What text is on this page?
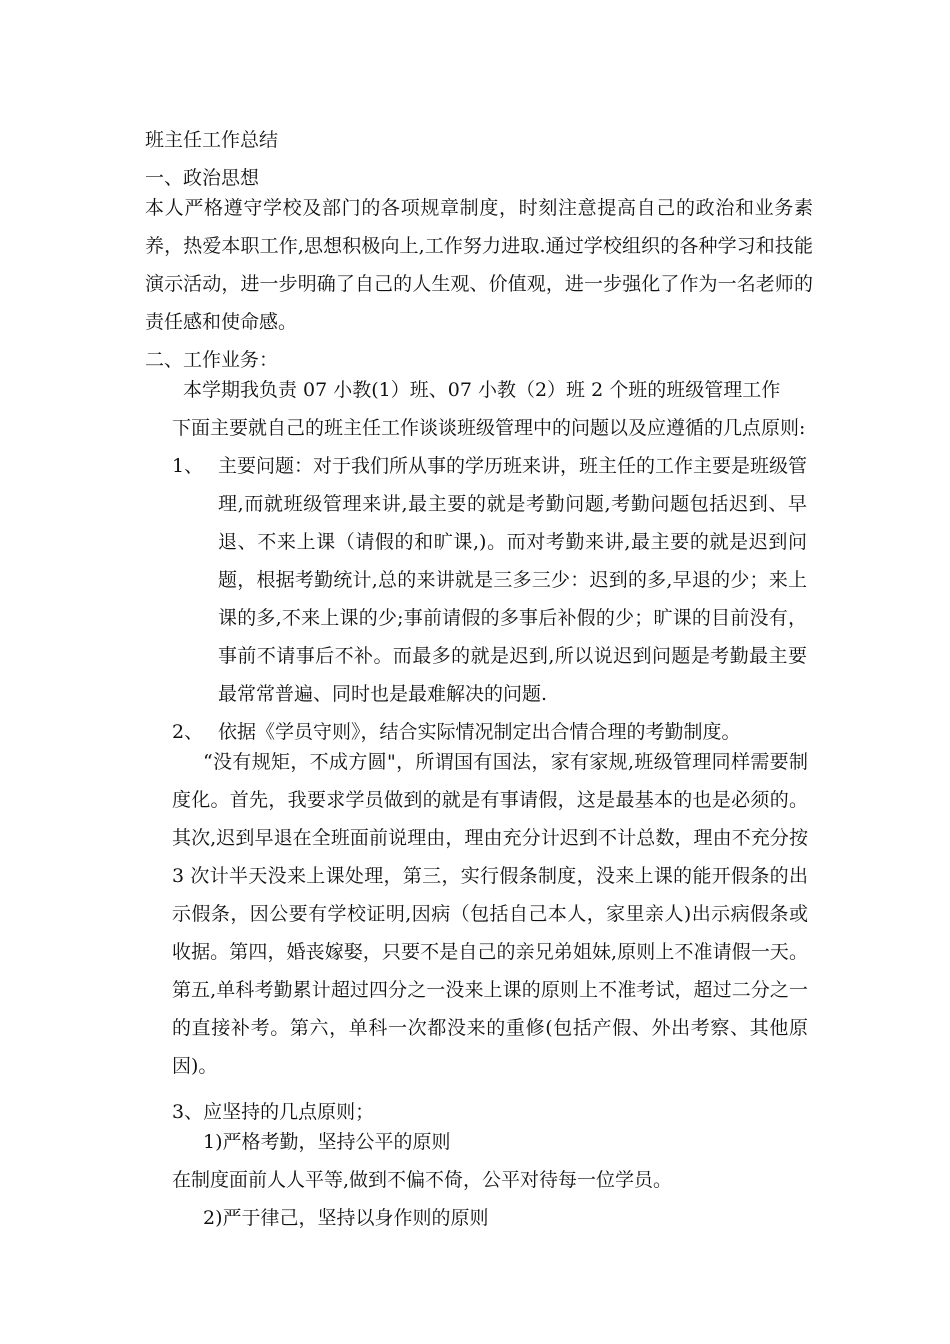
班主任工作总结
一、政治思想
本人严格遵守学校及部门的各项规章制度，时刻注意提高自己的政治和业务素养，热爱本职工作,思想积极向上,工作努力进取.通过学校组织的各种学习和技能演示活动，进一步明确了自己的人生观、价值观，进一步强化了作为一名老师的责任感和使命感。
二、工作业务：
本学期我负责 07 小教(1）班、07 小教（2）班 2 个班的班级管理工作
下面主要就自己的班主任工作谈谈班级管理中的问题以及应遵循的几点原则:
1、 主要问题：对于我们所从事的学历班来讲，班主任的工作主要是班级管理,而就班级管理来讲,最主要的就是考勤问题,考勤问题包括迟到、早退、不来上课（请假的和旷课,)。而对考勤来讲,最主要的就是迟到问题，根据考勤统计,总的来讲就是三多三少：迟到的多,早退的少；来上课的多,不来上课的少;事前请假的多事后补假的少；旷课的目前没有，事前不请事后不补。而最多的就是迟到,所以说迟到问题是考勤最主要最常常普遍、同时也是最难解决的问题.
2、 依据《学员守则》，结合实际情况制定出合情合理的考勤制度。
“没有规矩，不成方圆"，所谓国有国法，家有家规,班级管理同样需要制度化。首先，我要求学员做到的就是有事请假，这是最基本的也是必须的。其次,迟到早退在全班面前说理由，理由充分计迟到不计总数，理由不充分按 3 次计半天没来上课处理，第三，实行假条制度，没来上课的能开假条的出示假条，因公要有学校证明,因病（包括自己本人，家里亲人)出示病假条或收据。第四，婚丧嫁娶，只要不是自己的亲兄弟姐妹,原则上不准请假一天。第五,单科考勤累计超过四分之一没来上课的原则上不准考试，超过二分之一的直接补考。第六，单科一次都没来的重修(包括产假、外出考察、其他原因)。
3、应坚持的几点原则；
1)严格考勤，坚持公平的原则
在制度面前人人平等,做到不偏不倚，公平对待每一位学员。
2)严于律己，坚持以身作则的原则
